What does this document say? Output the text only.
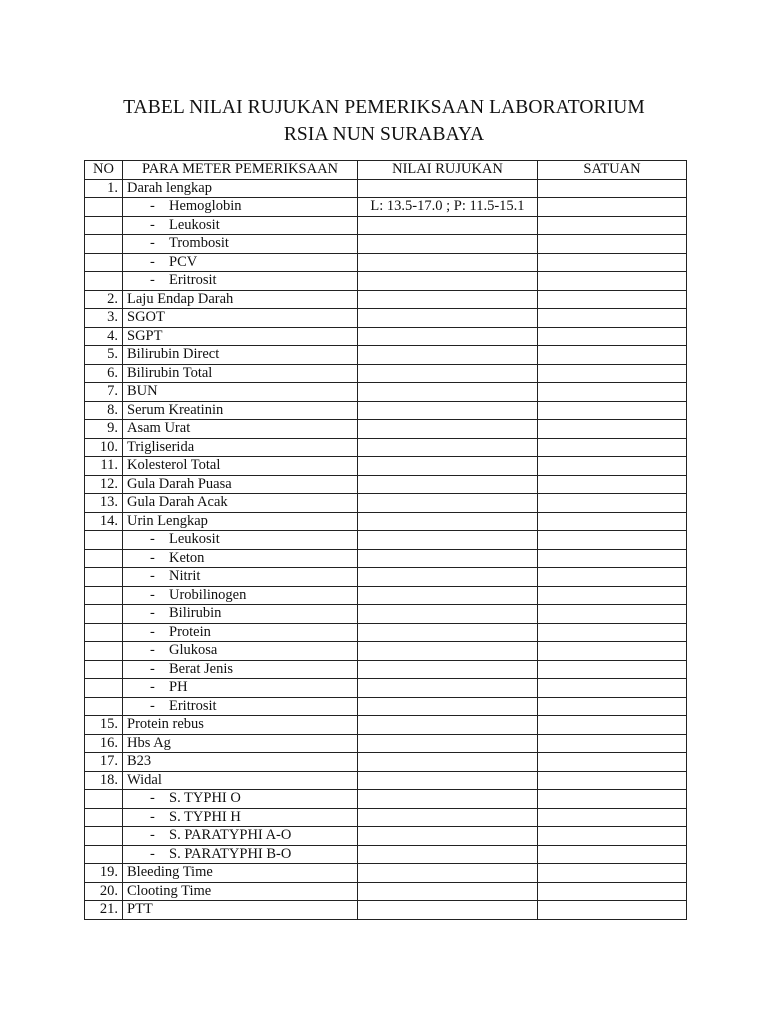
TABEL NILAI RUJUKAN PEMERIKSAAN LABORATORIUM
RSIA NUN SURABAYA
NO	PARA METER PEMERIKSAAN	NILAI RUJUKAN	SATUAN
1.	Darah lengkap		
	- Hemoglobin	L: 13.5-17.0 ; P: 11.5-15.1	
	- Leukosit		
	- Trombosit		
	- PCV		
	- Eritrosit		
2.	Laju Endap Darah		
3.	SGOT		
4.	SGPT		
5.	Bilirubin Direct		
6.	Bilirubin Total		
7.	BUN		
8.	Serum Kreatinin		
9.	Asam Urat		
10.	Trigliserida		
11.	Kolesterol Total		
12.	Gula Darah Puasa		
13.	Gula Darah Acak		
14.	Urin Lengkap		
	- Leukosit		
	- Keton		
	- Nitrit		
	- Urobilinogen		
	- Bilirubin		
	- Protein		
	- Glukosa		
	- Berat Jenis		
	- PH		
	- Eritrosit		
15.	Protein rebus		
16.	Hbs Ag		
17.	B23		
18.	Widal		
	- S. TYPHI O		
	- S. TYPHI H		
	- S. PARATYPHI A-O		
	- S. PARATYPHI B-O		
19.	Bleeding Time		
20.	Clooting Time		
21.	PTT		
